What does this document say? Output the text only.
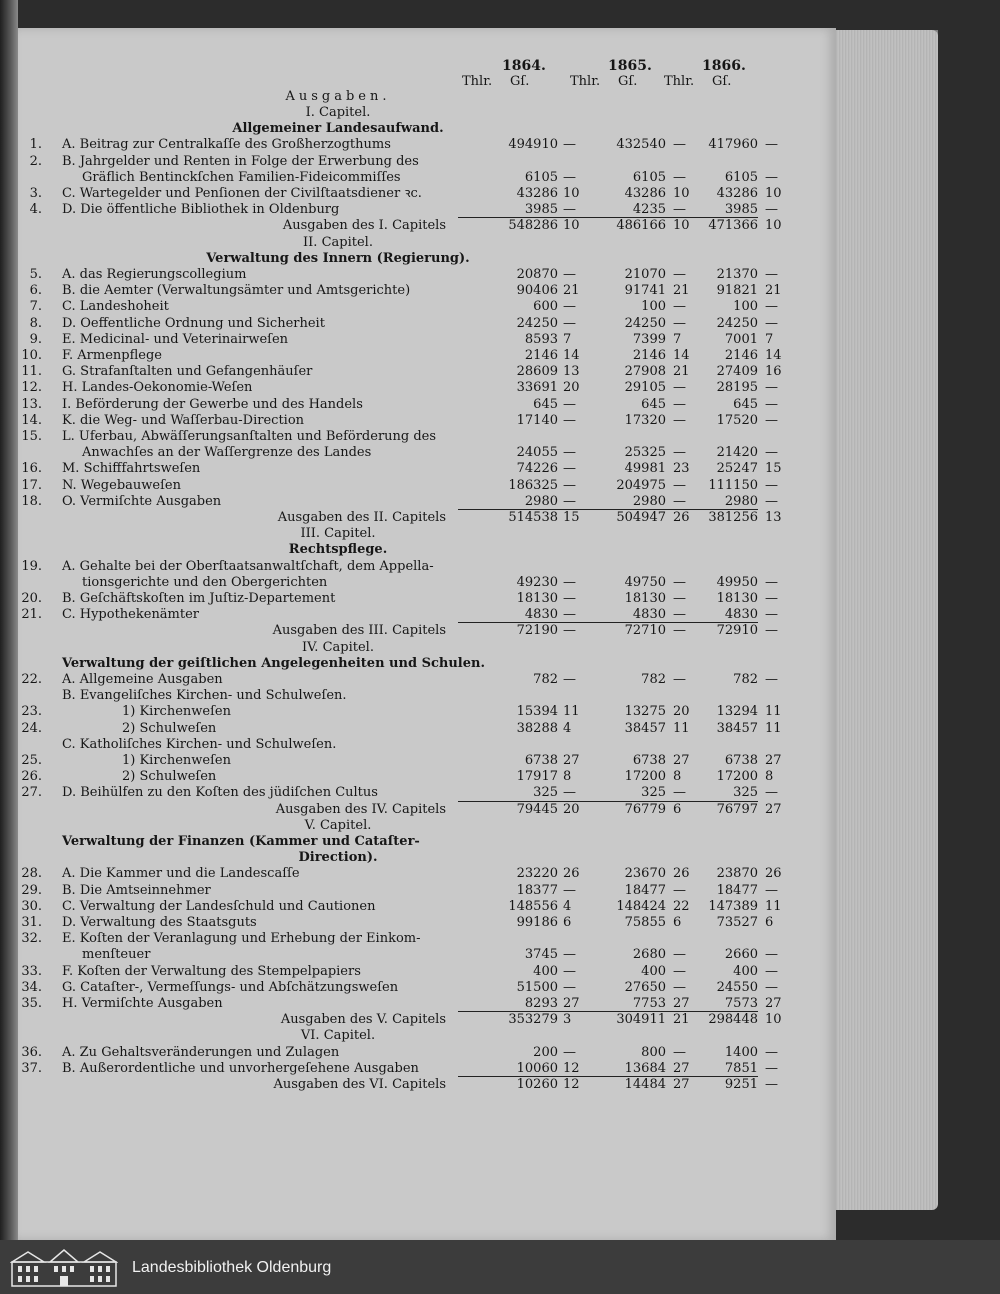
1864.	1865.	1866.
Thlr. Gſ.	Thlr. Gſ. Thlr. Gſ.
Ausgaben.
I. Capitel.
Allgemeiner Landesaufwand.
1. A. Beitrag zur Centralkaſſe des Großherzogthums	494910 —	432540 —	417960 —
2. B. Jahrgelder und Renten in Folge der Erwerbung des
Gräflich Bentinckſchen Familien-Fideicommiſſes	6105 —	6105 —	6105 —
3. C. Wartegelder und Penſionen der Civilſtaatsdiener ꝛc.	43286 10	43286 10	43286 10
4. D. Die öffentliche Bibliothek in Oldenburg	3985 —	4235 —	3985 —
Ausgaben des I. Capitels	548286 10	486166 10	471366 10
II. Capitel.
Verwaltung des Innern (Regierung).
5. A. das Regierungscollegium	20870 —	21070 —	21370 —
6. B. die Aemter (Verwaltungsämter und Amtsgerichte)	90406 21	91741 21	91821 21
7. C. Landeshoheit	600 —	100 —	100 —
8. D. Oeffentliche Ordnung und Sicherheit	24250 —	24250 —	24250 —
9. E. Medicinal- und Veterinairweſen	8593 7	7399 7	7001 7
10. F. Armenpflege	2146 14	2146 14	2146 14
11. G. Strafanſtalten und Gefangenhäuſer	28609 13	27908 21	27409 16
12. H. Landes-Oekonomie-Weſen	33691 20	29105 —	28195 —
13. I. Beförderung der Gewerbe und des Handels	645 —	645 —	645 —
14. K. die Weg- und Waſſerbau-Direction	17140 —	17320 —	17520 —
15. L. Uferbau, Abwäſſerungsanſtalten und Beförderung des
Anwachſes an der Waſſergrenze des Landes	24055 —	25325 —	21420 —
16. M. Schifffahrtsweſen	74226 —	49981 23	25247 15
17. N. Wegebauweſen	186325 —	204975 —	111150 —
18. O. Vermiſchte Ausgaben	2980 —	2980 —	2980 —
Ausgaben des II. Capitels	514538 15	504947 26	381256 13
III. Capitel.
Rechtspflege.
19. A. Gehalte bei der Oberſtaatsanwaltſchaft, dem Appella-
tionsgerichte und den Obergerichten	49230 —	49750 —	49950 —
20. B. Geſchäftskoſten im Juſtiz-Departement	18130 —	18130 —	18130 —
21. C. Hypothekenämter	4830 —	4830 —	4830 —
Ausgaben des III. Capitels	72190 —	72710 —	72910 —
IV. Capitel.
Verwaltung der geiſtlichen Angelegenheiten und Schulen.
22. A. Allgemeine Ausgaben	782 —	782 —	782 —
B. Evangeliſches Kirchen- und Schulweſen.
23.	1) Kirchenweſen	15394 11	13275 20	13294 11
24.	2) Schulweſen	38288 4	38457 11	38457 11
C. Katholiſches Kirchen- und Schulweſen.
25.	1) Kirchenweſen	6738 27	6738 27	6738 27
26.	2) Schulweſen	17917 8	17200 8	17200 8
27. D. Beihülfen zu den Koſten des jüdiſchen Cultus	325 —	325 —	325 —
Ausgaben des IV. Capitels	79445 20	76779 6	76797 27
V. Capitel.
Verwaltung der Finanzen (Kammer und Cataſter-
Direction).
28. A. Die Kammer und die Landescaſſe	23220 26	23670 26	23870 26
29. B. Die Amtseinnehmer	18377 —	18477 —	18477 —
30. C. Verwaltung der Landesſchuld und Cautionen	148556 4	148424 22	147389 11
31. D. Verwaltung des Staatsguts	99186 6	75855 6	73527 6
32. E. Koſten der Veranlagung und Erhebung der Einkom-
menſteuer	3745 —	2680 —	2660 —
33. F. Koſten der Verwaltung des Stempelpapiers	400 —	400 —	400 —
34. G. Cataſter-, Vermeſſungs- und Abſchätzungsweſen	51500 —	27650 —	24550 —
35. H. Vermiſchte Ausgaben	8293 27	7753 27	7573 27
Ausgaben des V. Capitels	353279 3	304911 21	298448 10
VI. Capitel.
36. A. Zu Gehaltsveränderungen und Zulagen	200 —	800 —	1400 —
37. B. Außerordentliche und unvorhergeſehene Ausgaben	10060 12	13684 27	7851 —
Ausgaben des VI. Capitels	10260 12	14484 27	9251 —
Landesbibliothek Oldenburg
